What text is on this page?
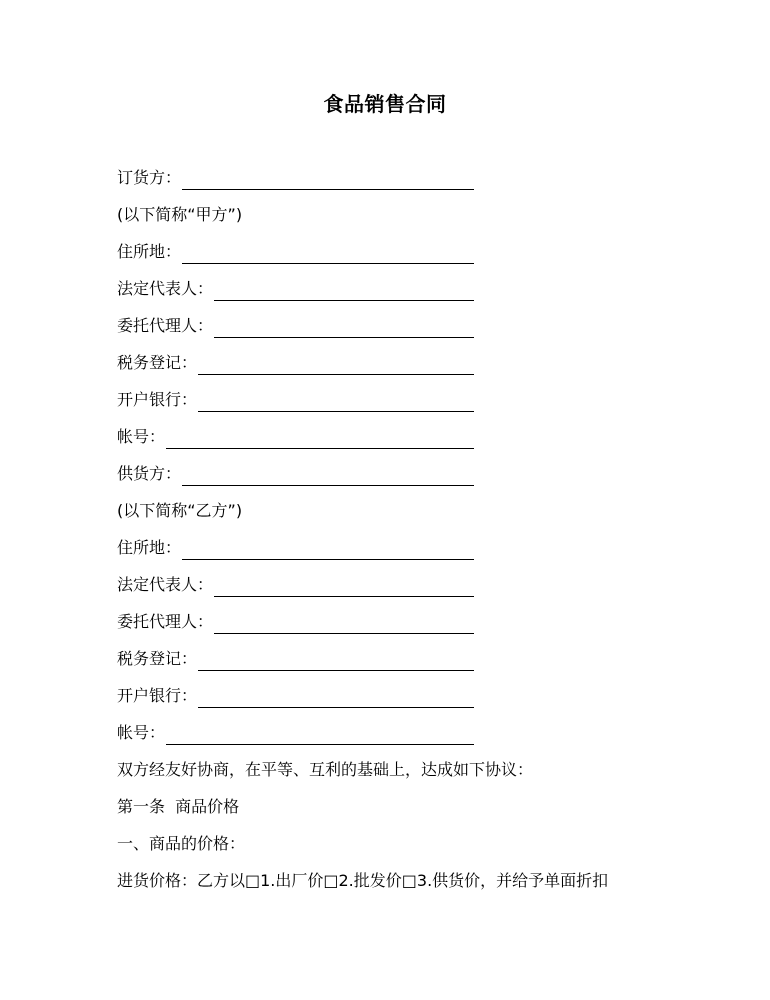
食品销售合同
订货方：
(以下简称“甲方”)
住所地：
法定代表人：
委托代理人：
税务登记：
开户银行：
帐号：
供货方：
(以下简称“乙方”)
住所地：
法定代表人：
委托代理人：
税务登记：
开户银行：
帐号：
双方经友好协商，在平等、互利的基础上，达成如下协议：
第一条  商品价格
一、商品的价格：
进货价格：乙方以□1.出厂价□2.批发价□3.供货价，并给予单面折扣
